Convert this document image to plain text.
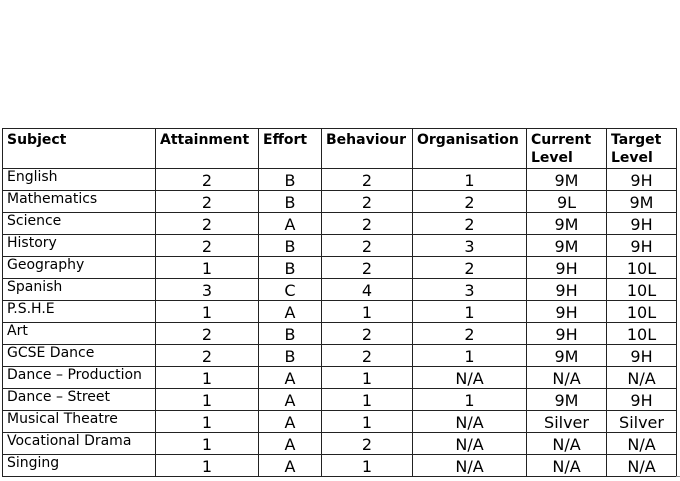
Subject	Attainment	Effort	Behaviour	Organisation	Current Level	Target Level
English	2	B	2	1	9M	9H
Mathematics	2	B	2	2	9L	9M
Science	2	A	2	2	9M	9H
History	2	B	2	3	9M	9H
Geography	1	B	2	2	9H	10L
Spanish	3	C	4	3	9H	10L
P.S.H.E	1	A	1	1	9H	10L
Art	2	B	2	2	9H	10L
GCSE Dance	2	B	2	1	9M	9H
Dance – Production	1	A	1	N/A	N/A	N/A
Dance – Street	1	A	1	1	9M	9H
Musical Theatre	1	A	1	N/A	Silver	Silver
Vocational Drama	1	A	2	N/A	N/A	N/A
Singing	1	A	1	N/A	N/A	N/A
